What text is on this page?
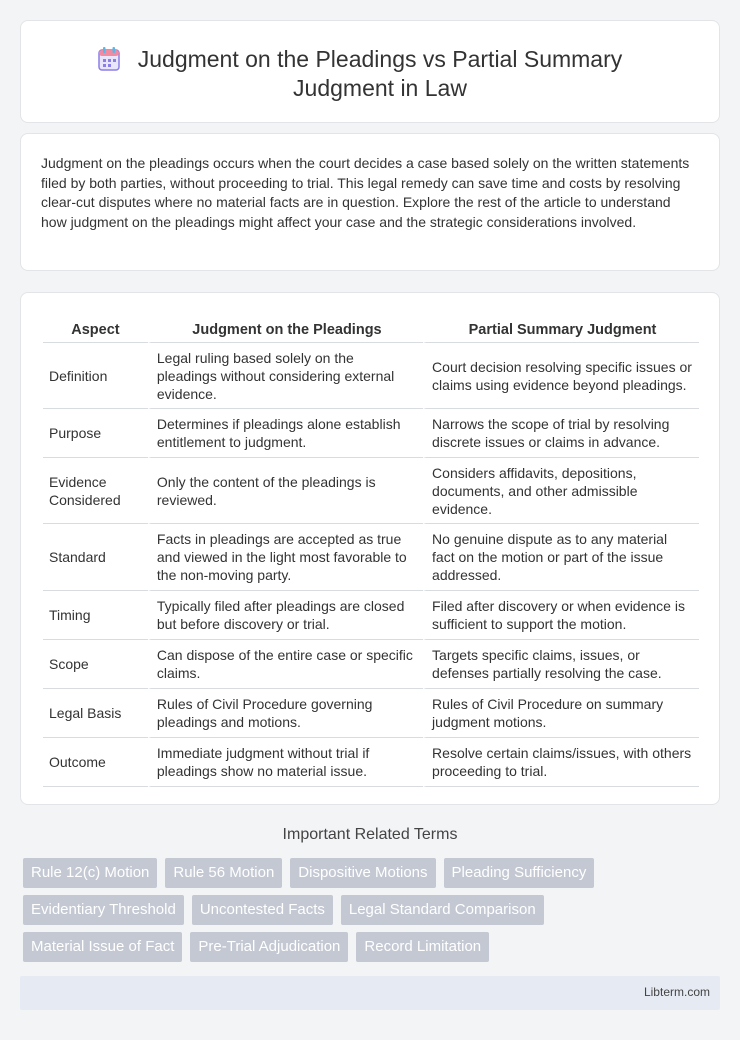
Judgment on the Pleadings vs Partial Summary Judgment in Law

Judgment on the pleadings occurs when the court decides a case based solely on the written statements filed by both parties, without proceeding to trial. This legal remedy can save time and costs by resolving clear-cut disputes where no material facts are in question. Explore the rest of the article to understand how judgment on the pleadings might affect your case and the strategic considerations involved.

Aspect	Judgment on the Pleadings	Partial Summary Judgment
Definition	Legal ruling based solely on the pleadings without considering external evidence.	Court decision resolving specific issues or claims using evidence beyond pleadings.
Purpose	Determines if pleadings alone establish entitlement to judgment.	Narrows the scope of trial by resolving discrete issues or claims in advance.
Evidence Considered	Only the content of the pleadings is reviewed.	Considers affidavits, depositions, documents, and other admissible evidence.
Standard	Facts in pleadings are accepted as true and viewed in the light most favorable to the non-moving party.	No genuine dispute as to any material fact on the motion or part of the issue addressed.
Timing	Typically filed after pleadings are closed but before discovery or trial.	Filed after discovery or when evidence is sufficient to support the motion.
Scope	Can dispose of the entire case or specific claims.	Targets specific claims, issues, or defenses partially resolving the case.
Legal Basis	Rules of Civil Procedure governing pleadings and motions.	Rules of Civil Procedure on summary judgment motions.
Outcome	Immediate judgment without trial if pleadings show no material issue.	Resolve certain claims/issues, with others proceeding to trial.
Important Related Terms
Rule 12(c) Motion	Rule 56 Motion	Dispositive Motions	Pleading Sufficiency
Evidentiary Threshold	Uncontested Facts	Legal Standard Comparison
Material Issue of Fact	Pre-Trial Adjudication	Record Limitation
Libterm.com
